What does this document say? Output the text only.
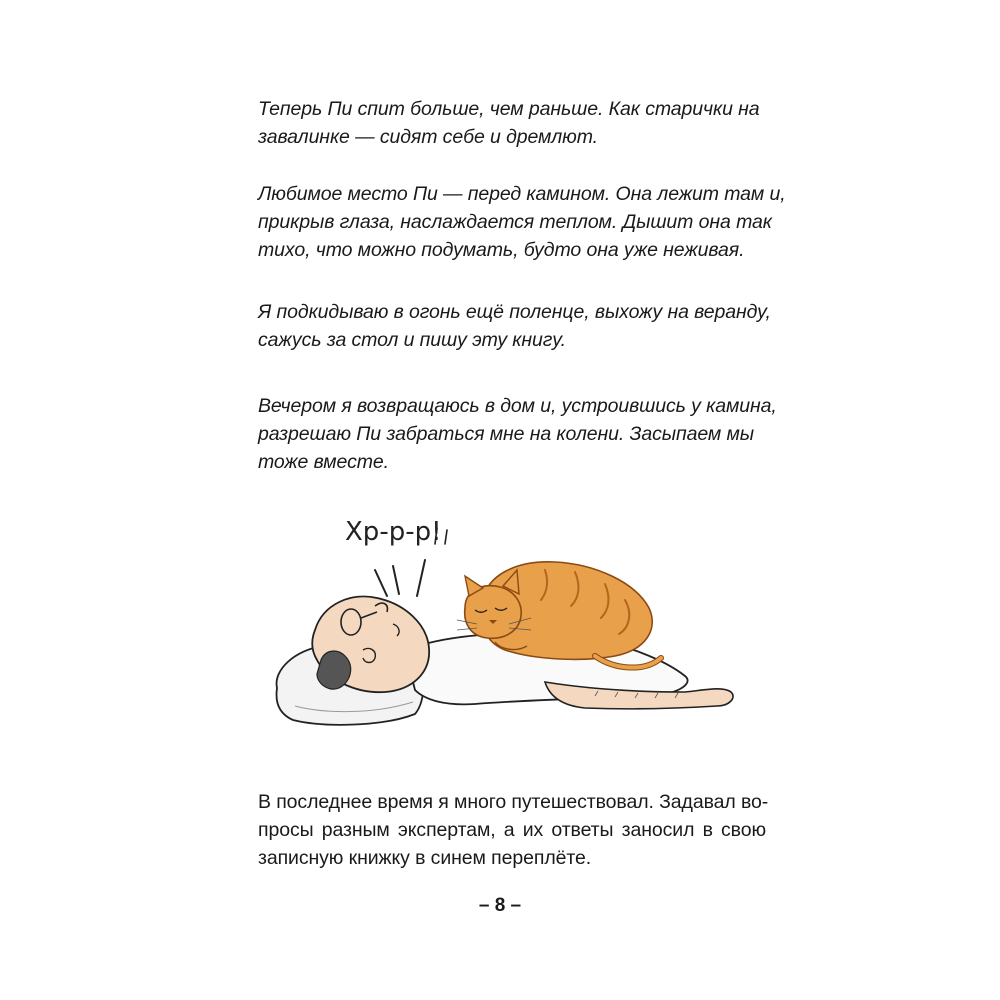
Теперь Пи спит больше, чем раньше. Как старички на
завалинке — сидят себе и дремлют.

Любимое место Пи — перед камином. Она лежит там и,
прикрыв глаза, наслаждается теплом. Дышит она так
тихо, что можно подумать, будто она уже неживая.

Я подкидываю в огонь ещё поленце, выхожу на веранду,
сажусь за стол и пишу эту книгу.

Вечером я возвращаюсь в дом и, устроившись у камина,
разрешаю Пи забраться мне на колени. Засыпаем мы
тоже вместе.

Хр-р-р!

В последнее время я много путешествовал. Задавал во-
просы разным экспертам, а их ответы заносил в свою
записную книжку в синем переплёте.

– 8 –
